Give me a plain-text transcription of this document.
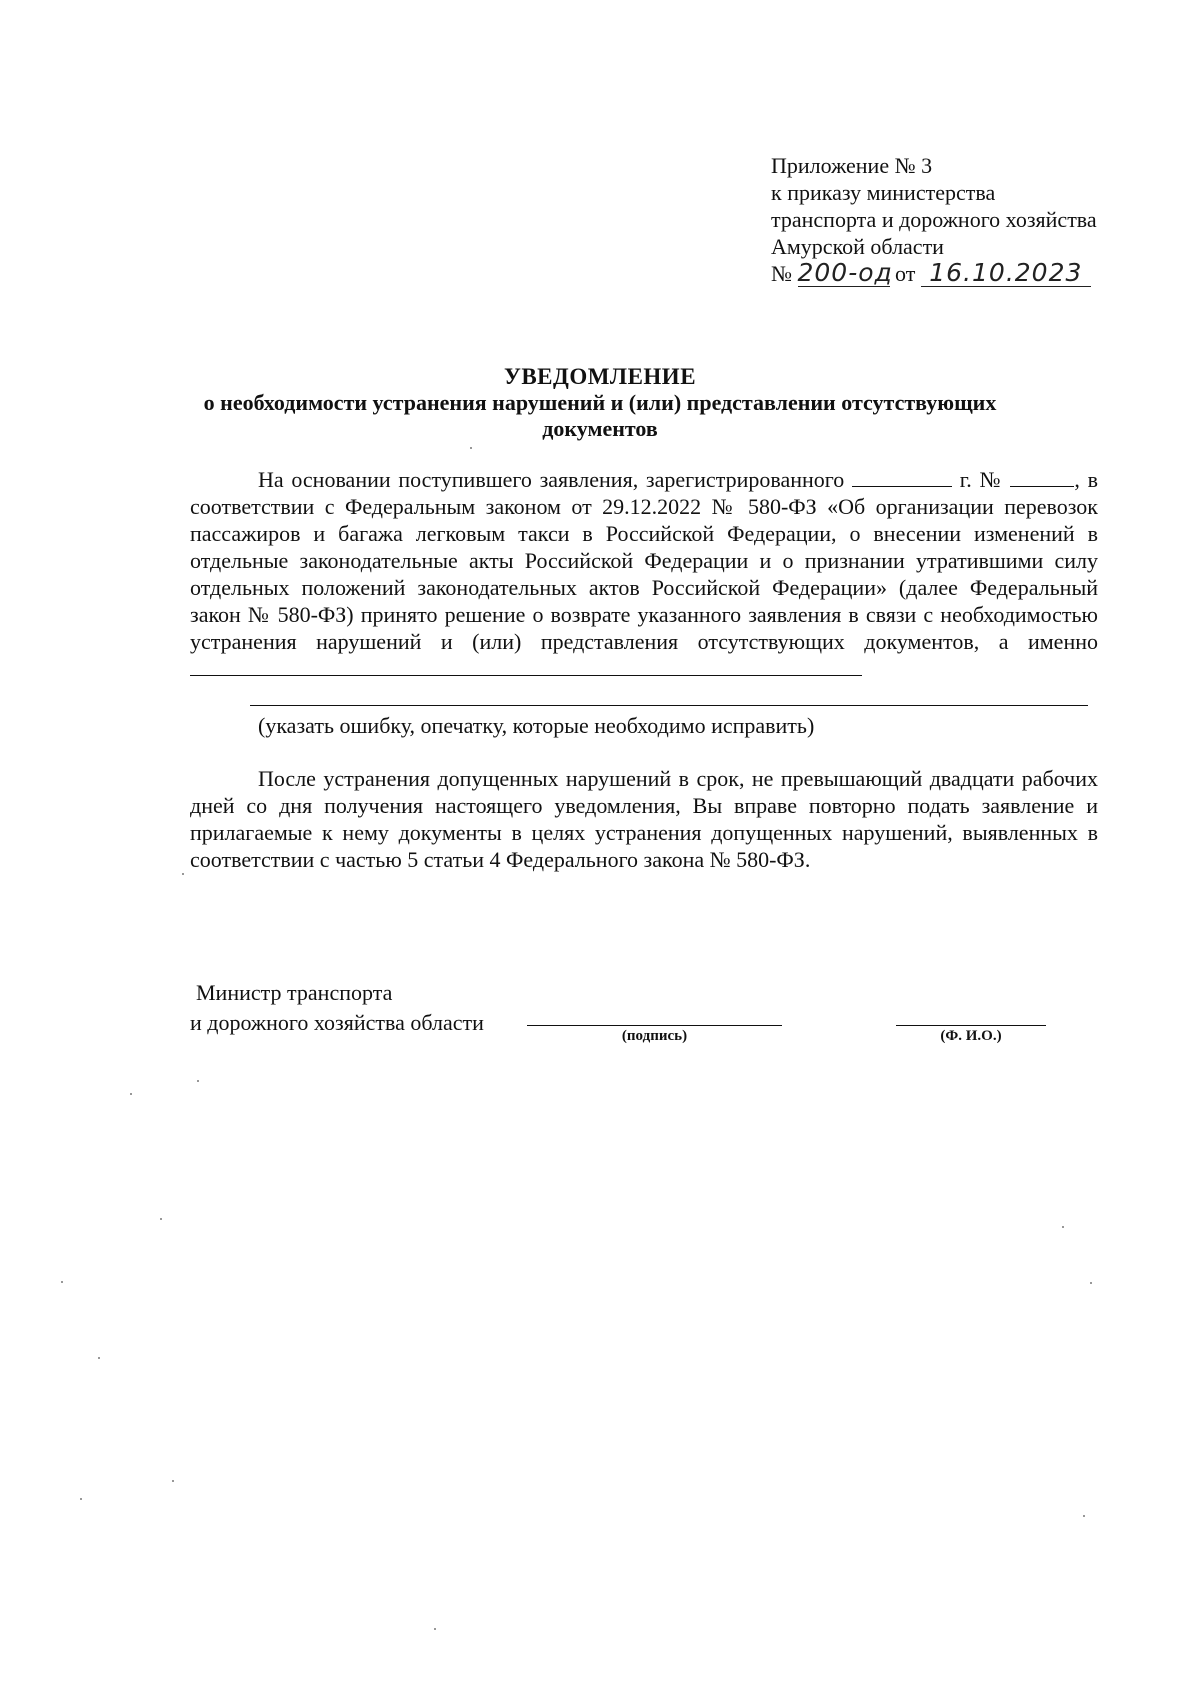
Приложение № 3
к приказу министерства
транспорта и дорожного хозяйства
Амурской области
№ 200-од от 16.10.2023
УВЕДОМЛЕНИЕ
о необходимости устранения нарушений и (или) представлении отсутствующих
документов
На основании поступившего заявления, зарегистрированного	г. №	, в соответствии с Федеральным законом от 29.12.2022 № 580-ФЗ «Об организации перевозок пассажиров и багажа легковым такси в Российской Федерации, о внесении изменений в отдельные законодательные акты Российской Федерации и о признании утратившими силу отдельных положений законодательных актов Российской Федерации» (далее Федеральный закон № 580-ФЗ) принято решение о возврате указанного заявления в связи с необходимостью устранения нарушений и (или) представления отсутствующих документов, а именно
(указать ошибку, опечатку, которые необходимо исправить)
После устранения допущенных нарушений в срок, не превышающий двадцати рабочих дней со дня получения настоящего уведомления, Вы вправе повторно подать заявление и прилагаемые к нему документы в целях устранения допущенных нарушений, выявленных в соответствии с частью 5 статьи 4 Федерального закона № 580-ФЗ.
Министр транспорта
и дорожного хозяйства области
(подпись)	(Ф. И.О.)
